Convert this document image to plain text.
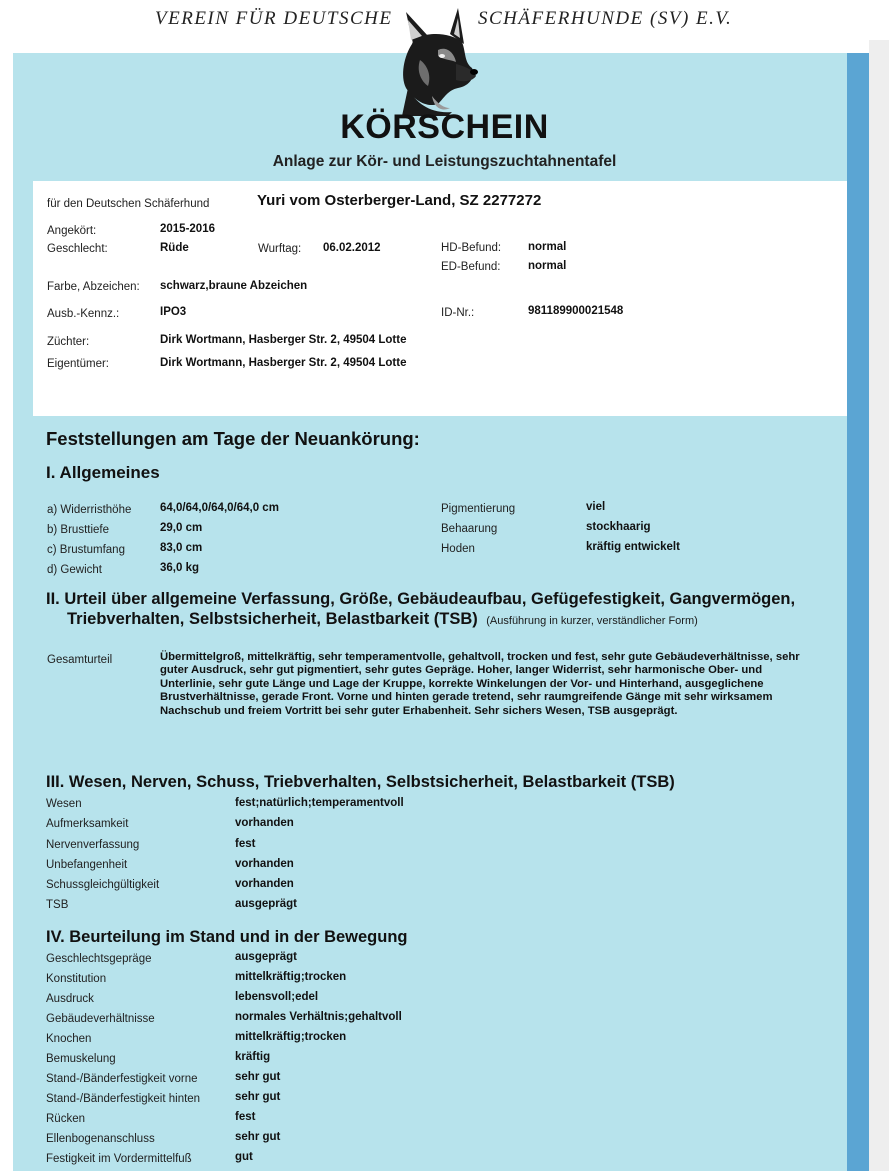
VEREIN FÜR DEUTSCHE	SCHÄFERHUNDE (SV) E.V.
KÖRSCHEIN
Anlage zur Kör- und Leistungszuchtahnentafel
für den Deutschen Schäferhund	Yuri vom Osterberger-Land, SZ 2277272
Angekört:	2015-2016
Geschlecht:	Rüde	Wurftag: 06.02.2012	HD-Befund: normal
ED-Befund: normal
Farbe, Abzeichen: schwarz,braune Abzeichen
Ausb.-Kennz.:	IPO3	ID-Nr.:	981189900021548
Züchter:	Dirk Wortmann, Hasberger Str. 2, 49504 Lotte
Eigentümer:	Dirk Wortmann, Hasberger Str. 2, 49504 Lotte
Feststellungen am Tage der Neuankörung:
I. Allgemeines
a) Widerristhöhe 64,0/64,0/64,0/64,0 cm
b) Brusttiefe	29,0 cm
c) Brustumfang	83,0 cm
d) Gewicht	36,0 kg
Pigmentierung	viel
Behaarung	stockhaarig
Hoden	kräftig entwickelt
II. Urteil über allgemeine Verfassung, Größe, Gebäudeaufbau, Gefügefestigkeit, Gangvermögen,
Triebverhalten, Selbstsicherheit, Belastbarkeit (TSB) (Ausführung in kurzer, verständlicher Form)
Gesamturteil	Übermittelgroß, mittelkräftig, sehr temperamentvolle, gehaltvoll, trocken und fest, sehr gute Gebäudeverhältnisse, sehr guter Ausdruck, sehr gut pigmentiert, sehr gutes Gepräge. Hoher, langer Widerrist, sehr harmonische Ober- und Unterlinie, sehr gute Länge und Lage der Kruppe, korrekte Winkelungen der Vor- und Hinterhand, ausgeglichene Brustverhältnisse, gerade Front. Vorne und hinten gerade tretend, sehr raumgreifende Gänge mit sehr wirksamem Nachschub und freiem Vortritt bei sehr guter Erhabenheit. Sehr sichers Wesen, TSB ausgeprägt.
III. Wesen, Nerven, Schuss, Triebverhalten, Selbstsicherheit, Belastbarkeit (TSB)
Wesen	fest;natürlich;temperamentvoll
Aufmerksamkeit	vorhanden
Nervenverfassung	fest
Unbefangenheit	vorhanden
Schussgleichgültigkeit	vorhanden
TSB	ausgeprägt
IV. Beurteilung im Stand und in der Bewegung
Geschlechtsgepräge	ausgeprägt
Konstitution	mittelkräftig;trocken
Ausdruck	lebensvoll;edel
Gebäudeverhältnisse	normales Verhältnis;gehaltvoll
Knochen	mittelkräftig;trocken
Bemuskelung	kräftig
Stand-/Bänderfestigkeit vorne	sehr gut
Stand-/Bänderfestigkeit hinten	sehr gut
Rücken	fest
Ellenbogenanschluss	sehr gut
Festigkeit im Vordermittelfuß	gut
